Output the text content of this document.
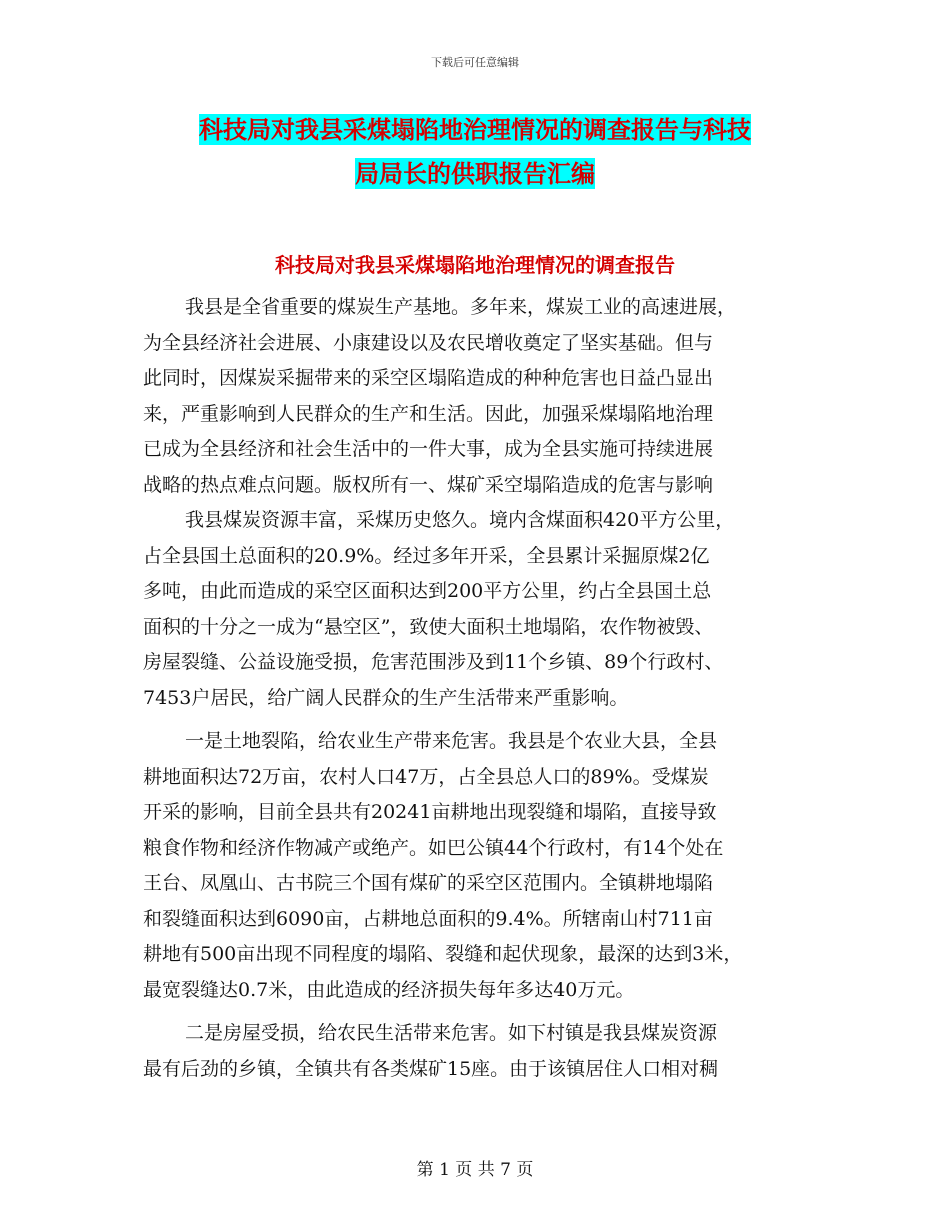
下载后可任意编辑
科技局对我县采煤塌陷地治理情况的调查报告与科技
局局长的供职报告汇编
科技局对我县采煤塌陷地治理情况的调查报告
我县是全省重要的煤炭生产基地。多年来，煤炭工业的高速进展，
为全县经济社会进展、小康建设以及农民增收奠定了坚实基础。但与
此同时，因煤炭采掘带来的采空区塌陷造成的种种危害也日益凸显出
来，严重影响到人民群众的生产和生活。因此，加强采煤塌陷地治理
已成为全县经济和社会生活中的一件大事，成为全县实施可持续进展
战略的热点难点问题。版权所有一、煤矿采空塌陷造成的危害与影响
我县煤炭资源丰富，采煤历史悠久。境内含煤面积420平方公里，
占全县国土总面积的20.9%。经过多年开采，全县累计采掘原煤2亿
多吨，由此而造成的采空区面积达到200平方公里，约占全县国土总
面积的十分之一成为“悬空区”，致使大面积土地塌陷，农作物被毁、
房屋裂缝、公益设施受损，危害范围涉及到11个乡镇、89个行政村、
7453户居民，给广阔人民群众的生产生活带来严重影响。
一是土地裂陷，给农业生产带来危害。我县是个农业大县，全县
耕地面积达72万亩，农村人口47万，占全县总人口的89%。受煤炭
开采的影响，目前全县共有20241亩耕地出现裂缝和塌陷，直接导致
粮食作物和经济作物减产或绝产。如巴公镇44个行政村，有14个处在
王台、凤凰山、古书院三个国有煤矿的采空区范围内。全镇耕地塌陷
和裂缝面积达到6090亩，占耕地总面积的9.4%。所辖南山村711亩
耕地有500亩出现不同程度的塌陷、裂缝和起伏现象，最深的达到3米，
最宽裂缝达0.7米，由此造成的经济损失每年多达40万元。
二是房屋受损，给农民生活带来危害。如下村镇是我县煤炭资源
最有后劲的乡镇，全镇共有各类煤矿15座。由于该镇居住人口相对稠
第 1 页 共 7 页
